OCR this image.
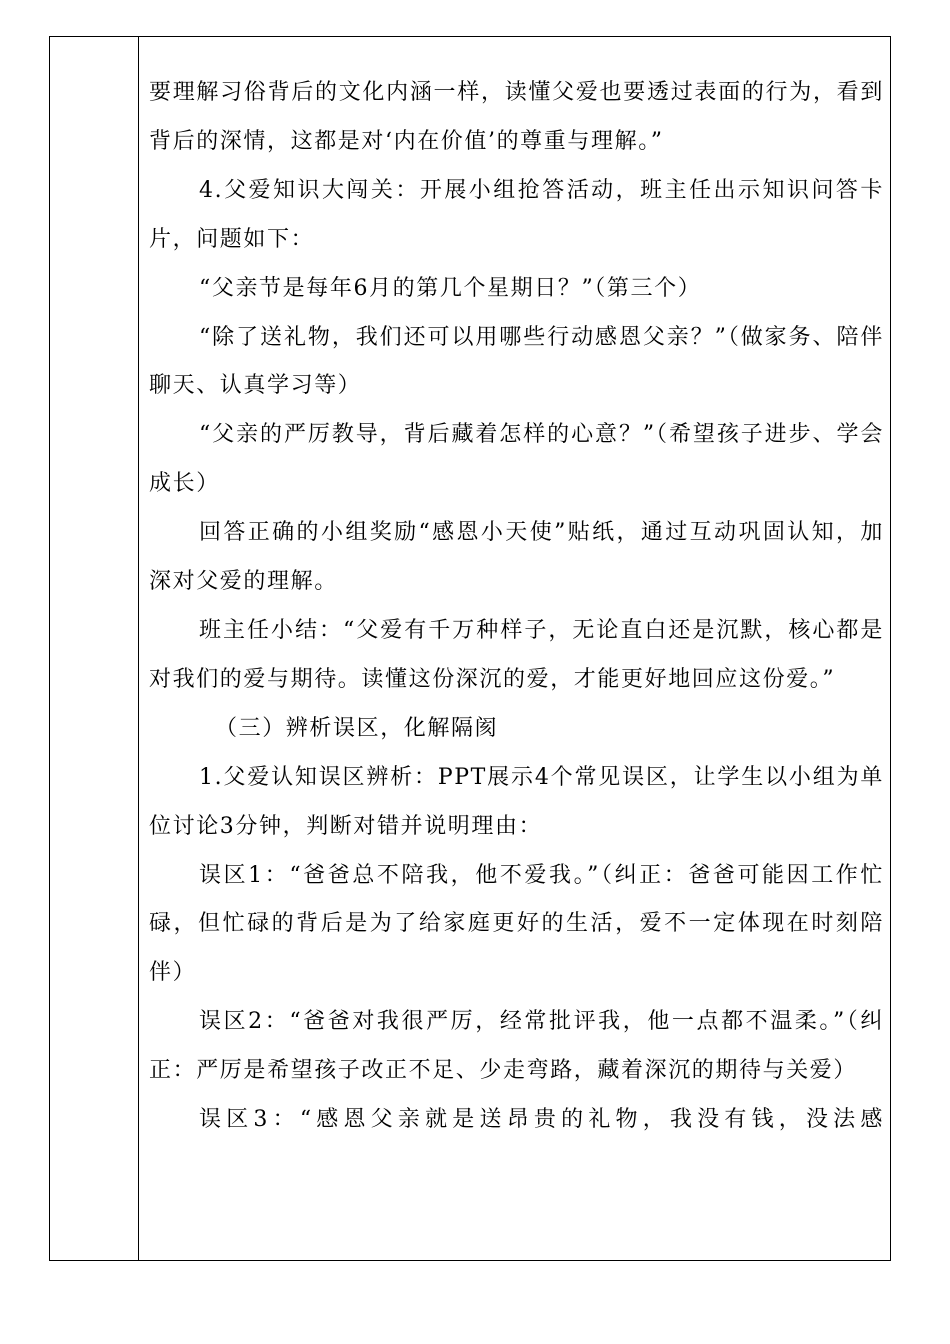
要理解习俗背后的文化内涵一样，读懂父爱也要透过表面的行为，看到背后的深情，这都是对‘内在价值’的尊重与理解。”

4.父爱知识大闯关：开展小组抢答活动，班主任出示知识问答卡片，问题如下：

“父亲节是每年6月的第几个星期日？”（第三个）

“除了送礼物，我们还可以用哪些行动感恩父亲？”（做家务、陪伴聊天、认真学习等）

“父亲的严厉教导，背后藏着怎样的心意？”（希望孩子进步、学会成长）

回答正确的小组奖励“感恩小天使”贴纸，通过互动巩固认知，加深对父爱的理解。

班主任小结：“父爱有千万种样子，无论直白还是沉默，核心都是对我们的爱与期待。读懂这份深沉的爱，才能更好地回应这份爱。”

（三）辨析误区，化解隔阂

1.父爱认知误区辨析：PPT展示4个常见误区，让学生以小组为单位讨论3分钟，判断对错并说明理由：

误区1：“爸爸总不陪我，他不爱我。”（纠正：爸爸可能因工作忙碌，但忙碌的背后是为了给家庭更好的生活，爱不一定体现在时刻陪伴）

误区2：“爸爸对我很严厉，经常批评我，他一点都不温柔。”（纠正：严厉是希望孩子改正不足、少走弯路，藏着深沉的期待与关爱）

误区3：“感恩父亲就是送昂贵的礼物，我没有钱，没法感
